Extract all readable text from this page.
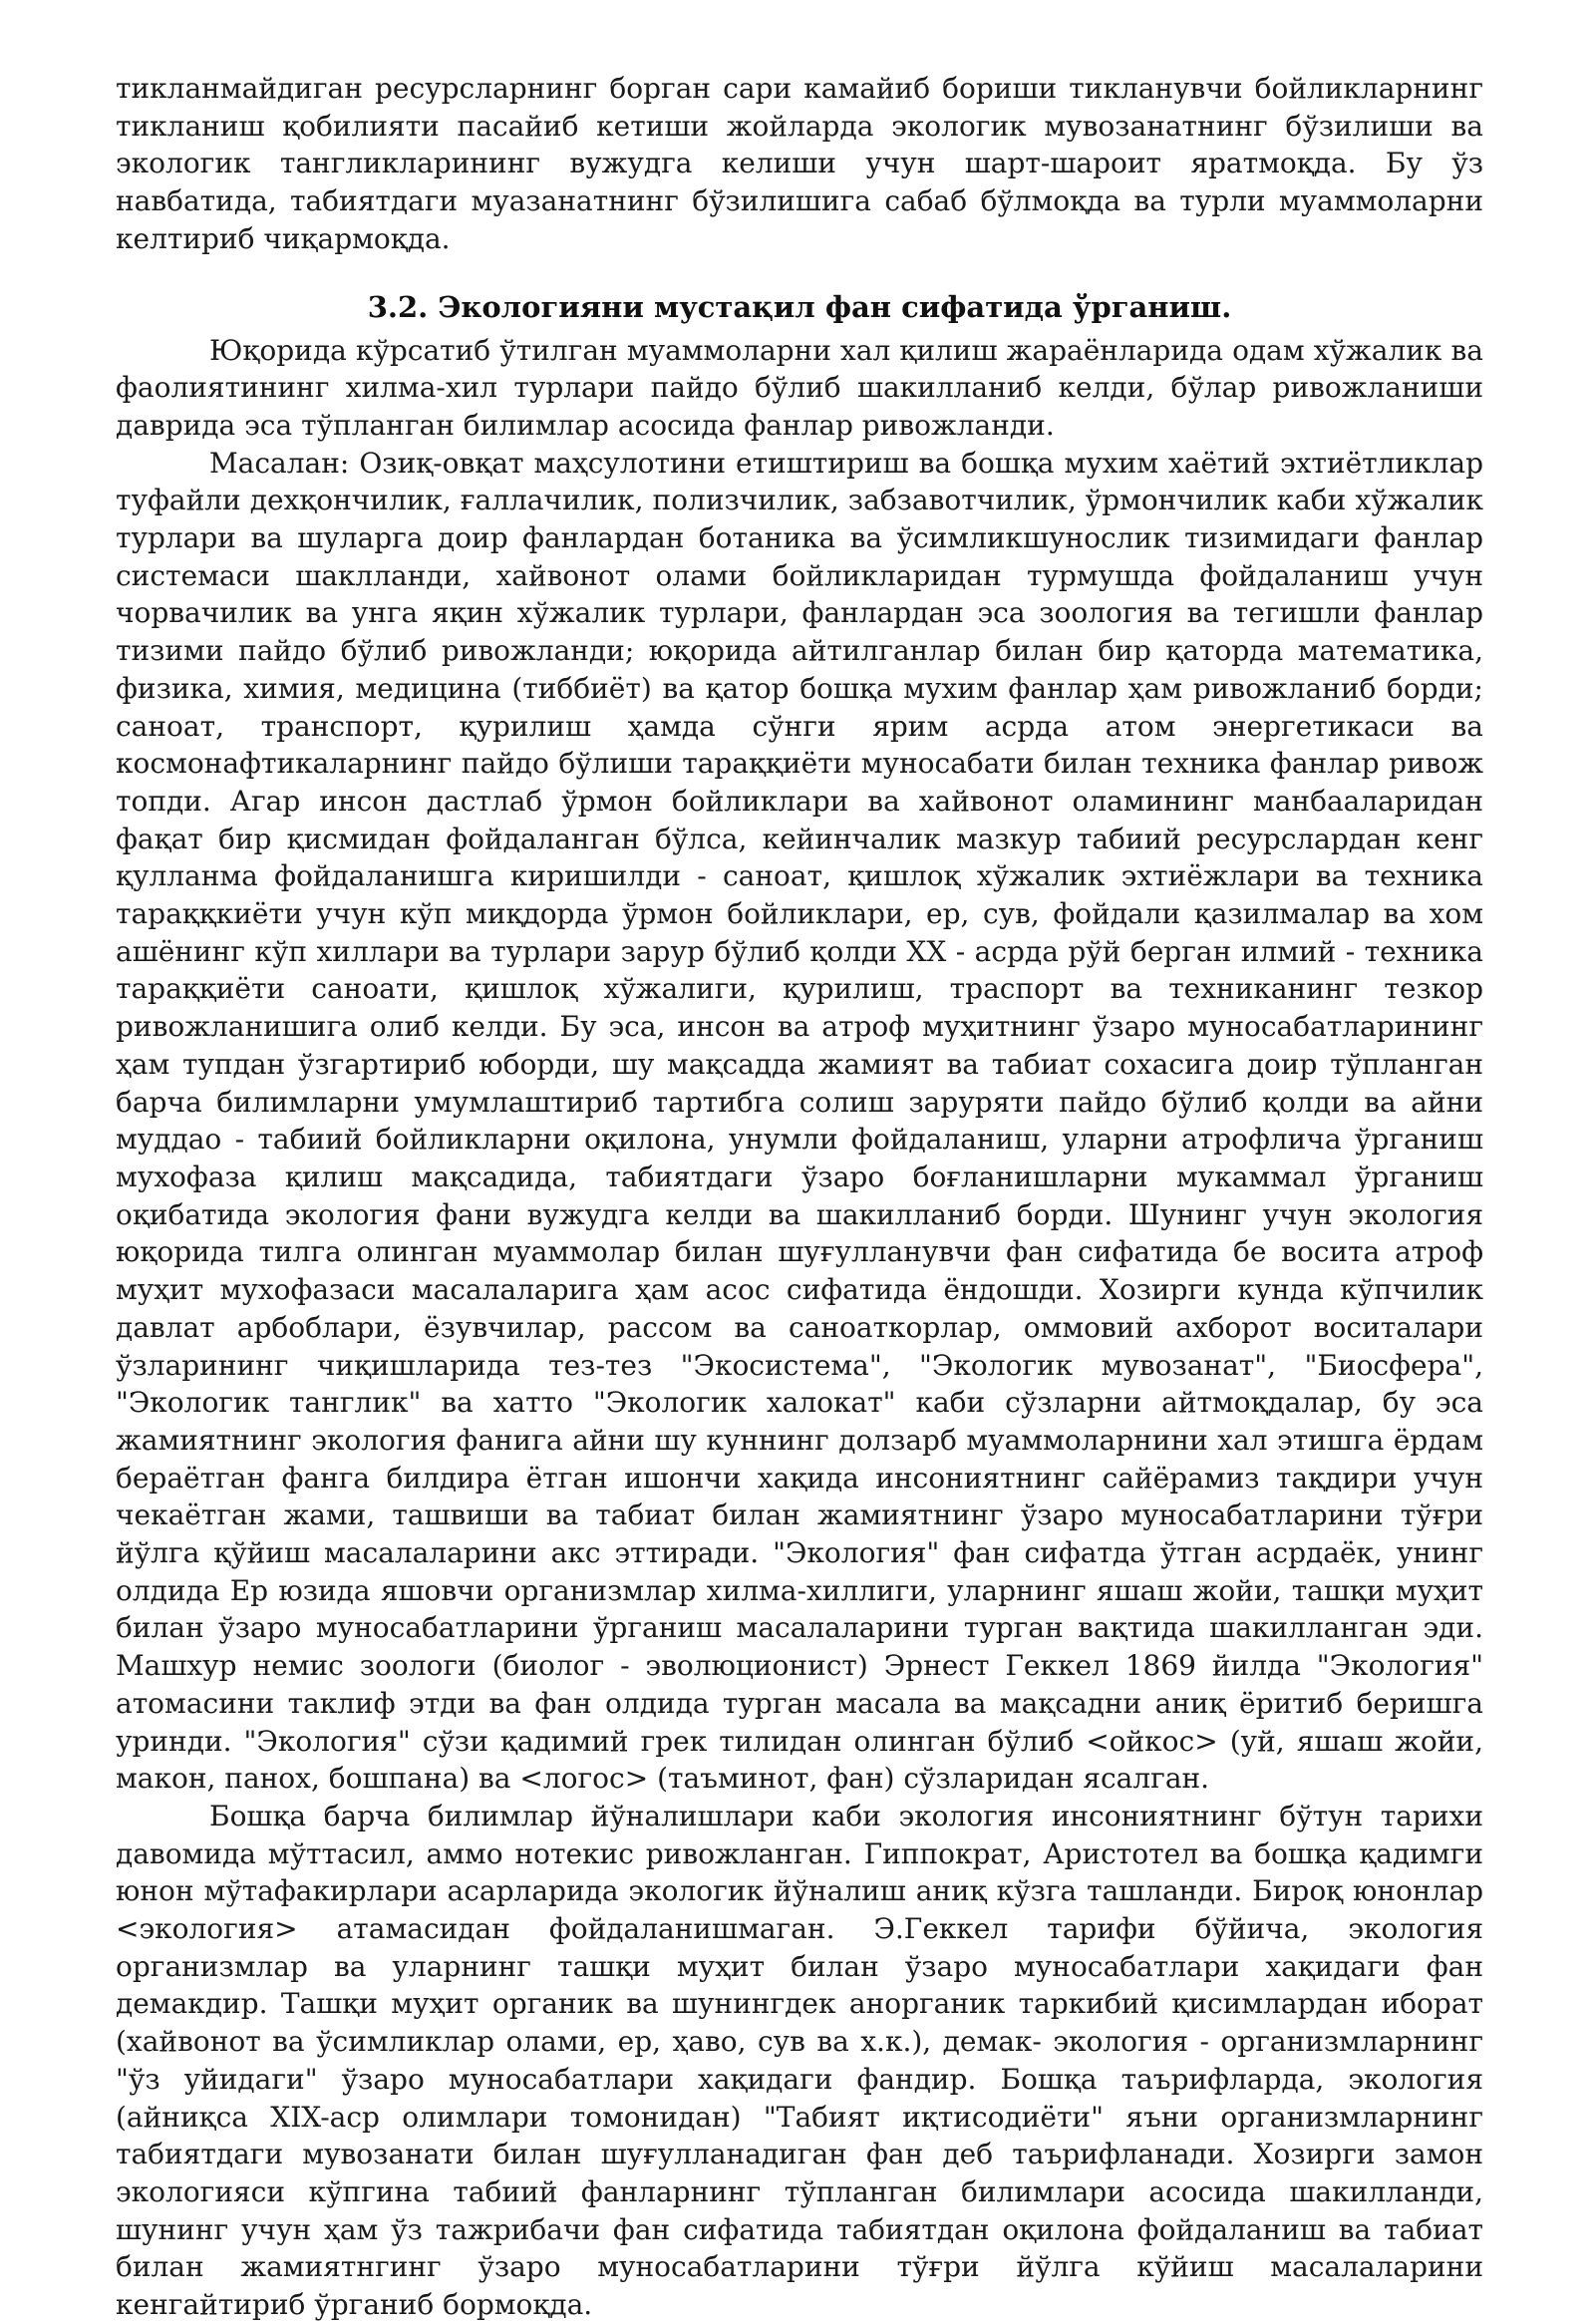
тикланмайдиган ресурсларнинг борган сари камайиб бориши тикланувчи бойликларнинг тикланиш қобилияти пасайиб кетиши жойларда экологик мувозанатнинг бўзилиши ва экологик тангликларининг вужудга келиши учун шарт-шароит яратмоқда. Бу ўз навбатида, табиятдаги муазанатнинг бўзилишига сабаб бўлмоқда ва турли муаммоларни келтириб чиқармоқда.

3.2. Экологияни мустақил фан сифатида ўрганиш.

Юқорида кўрсатиб ўтилган муаммоларни хал қилиш жараёнларида одам хўжалик ва фаолиятининг хилма-хил турлари пайдо бўлиб шакилланиб келди, бўлар ривожланиши даврида эса тўпланган билимлар асосида фанлар ривожланди.

Масалан: Озиқ-овқат маҳсулотини етиштириш ва бошқа мухим хаётий эхтиётликлар туфайли дехқончилик, ғаллачилик, полизчилик, забзавотчилик, ўрмончилик каби хўжалик турлари ва шуларга доир фанлардан ботаника ва ўсимликшунослик тизимидаги фанлар системаси шаклланди, хайвонот олами бойликларидан турмушда фойдаланиш учун чорвачилик ва унга яқин хўжалик турлари, фанлардан эса зоология ва тегишли фанлар тизими пайдо бўлиб ривожланди; юқорида айтилганлар билан бир қаторда математика, физика, химия, медицина (тиббиёт) ва қатор бошқа мухим фанлар ҳам ривожланиб борди; саноат, транспорт, қурилиш ҳамда сўнги ярим асрда атом энергетикаси ва космонафтикаларнинг пайдо бўлиши тараққиёти муносабати билан техника фанлар ривож топди. Агар инсон дастлаб ўрмон бойликлари ва хайвонот оламининг манбааларидан фақат бир қисмидан фойдаланган бўлса, кейинчалик мазкур табиий ресурслардан кенг қулланма фойдаланишга киришилди - саноат, қишлоқ хўжалик эхтиёжлари ва техника тараққкиёти учун кўп миқдорда ўрмон бойликлари, ер, сув, фойдали қазилмалар ва хом ашёнинг кўп хиллари ва турлари зарур бўлиб қолди XX - асрда рўй берган илмий - техника тараққиёти саноати, қишлоқ хўжалиги, қурилиш, траспорт ва техниканинг тезкор ривожланишига олиб келди. Бу эса, инсон ва атроф муҳитнинг ўзаро муносабатларининг ҳам тупдан ўзгартириб юборди, шу мақсадда жамият ва табиат сохасига доир тўпланган барча билимларни умумлаштириб тартибга солиш заруряти пайдо бўлиб қолди ва айни муддао - табиий бойликларни оқилона, унумли фойдаланиш, уларни атрофлича ўрганиш мухофаза қилиш мақсадида, табиятдаги ўзаро боғланишларни мукаммал ўрганиш оқибатида экология фани вужудга келди ва шакилланиб борди. Шунинг учун экология юқорида тилга олинган муаммолар билан шуғулланувчи фан сифатида бе восита атроф муҳит мухофазаси масалаларига ҳам асос сифатида ёндошди. Хозирги кунда кўпчилик давлат арбоблари, ёзувчилар, рассом ва саноаткорлар, оммовий ахборот воситалари ўзларининг чиқишларида тез-тез "Экосистема", "Экологик мувозанат", "Биосфера", "Экологик танглик" ва хатто "Экологик халокат" каби сўзларни айтмоқдалар, бу эса жамиятнинг экология фанига айни шу куннинг долзарб муаммоларнини хал этишга ёрдам бераётган фанга билдира ётган ишончи хақида инсониятнинг сайёрамиз тақдири учун чекаётган жами, ташвиши ва табиат билан жамиятнинг ўзаро муносабатларини тўғри йўлга қўйиш масалаларини акс эттиради. "Экология" фан сифатда ўтган асрдаёк, унинг олдида Ер юзида яшовчи организмлар хилма-хиллиги, уларнинг яшаш жойи, ташқи муҳит билан ўзаро муносабатларини ўрганиш масалаларини турган вақтида шакилланган эди. Машхур немис зоологи (биолог - эволюционист) Эрнест Геккел 1869 йилда "Экология" атомасини таклиф этди ва фан олдида турган масала ва мақсадни аниқ ёритиб беришга уринди. "Экология" сўзи қадимий грек тилидан олинган бўлиб <ойкос> (уй, яшаш жойи, макон, панох, бошпана) ва <логос> (таъминот, фан) сўзларидан ясалган.

Бошқа барча билимлар йўналишлари каби экология инсониятнинг бўтун тарихи давомида мўттасил, аммо нотекис ривожланган. Гиппократ, Аристотел ва бошқа қадимги юнон мўтафакирлари асарларида экологик йўналиш аниқ кўзга ташланди. Бироқ юнонлар <экология> атамасидан фойдаланишмаган. Э.Геккел тарифи бўйича, экология организмлар ва уларнинг ташқи муҳит билан ўзаро муносабатлари хақидаги фан демакдир. Ташқи муҳит органик ва шунингдек анорганик таркибий қисимлардан иборат (хайвонот ва ўсимликлар олами, ер, ҳаво, сув ва х.к.), демак- экология - организмларнинг "ўз уйидаги" ўзаро муносабатлари хақидаги фандир. Бошқа таърифларда, экология (айниқса XIX-аср олимлари томонидан) "Табият иқтисодиёти" яъни организмларнинг табиятдаги мувозанати билан шуғулланадиган фан деб таърифланади. Хозирги замон экологияси кўпгина табиий фанларнинг тўпланган билимлари асосида шакилланди, шунинг учун ҳам ўз тажрибачи фан сифатида табиятдан оқилона фойдаланиш ва табиат билан жамиятнгинг ўзаро муносабатларини тўғри йўлга кўйиш масалаларини кенгайтириб ўрганиб бормоқда.
